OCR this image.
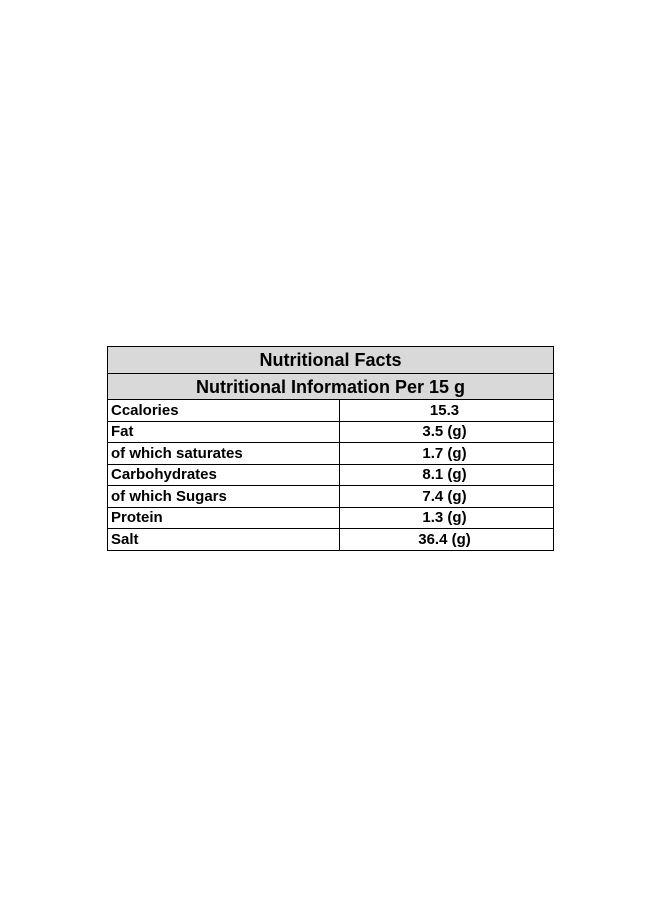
Nutritional Facts	
Nutritional Information Per 15 g	
Ccalories	15.3
Fat	3.5 (g)
of which saturates	1.7 (g)
Carbohydrates	8.1 (g)
of which Sugars	7.4 (g)
Protein	1.3 (g)
Salt	36.4 (g)
